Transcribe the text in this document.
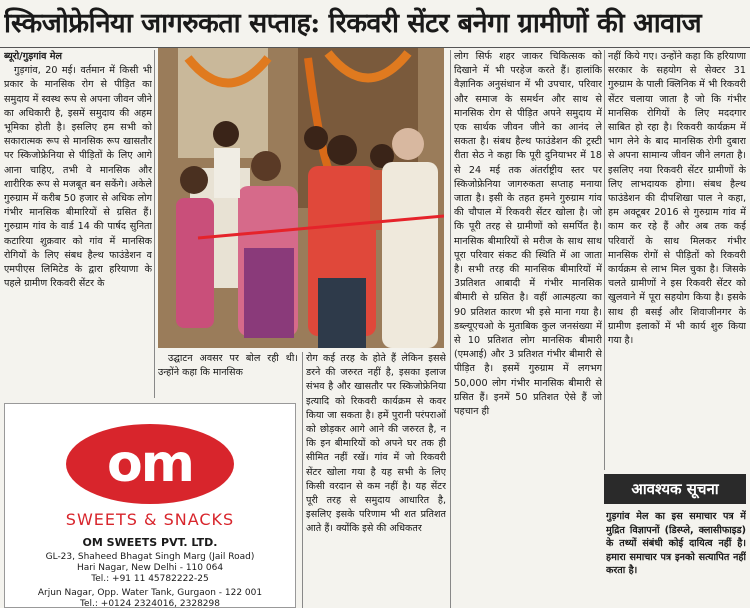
स्किजोफ्रेनिया जागरुकता सप्ताह: रिकवरी सेंटर बनेगा ग्रामीणों की आवाज
ब्यूरो/गुड़गांव मेल

गुड़गांव, 20 मई। वर्तमान में किसी भी प्रकार के मानसिक रोग से पीड़ित का समुदाय में स्वस्थ रूप से अपना जीवन जीने का अधिकारी है, इसमें समुदाय की अहम भूमिका होती है। इसलिए हम सभी को सकारात्मक रूप से मानसिक रूप खासतौर पर स्किजोफ्रेनिया से पीड़ितों के लिए आगे आना चाहिए, तभी वे मानसिक और शारीरिक रूप से मजबूत बन सकेंगे। अकेले गुरुग्राम में करीब 50 हजार से अधिक लोग गंभीर मानसिक बीमारियों से ग्रसित हैं। गुरुग्राम गांव के वार्ड 14 की पार्षद सुनिता कटारिया शुक्रवार को गांव में मानसिक रोगियों के लिए संबध हैल्थ फाउंडेशन व एमपीएस लिमिटेड के द्वारा हरियाणा के पहले ग्रामीण रिकवरी सेंटर के

उद्घाटन अवसर पर बोल रही थी। उन्होंने कहा कि मानसिक

रोग कई तरह के होते हैं लेकिन इससे डरने की जरुरत नहीं है, इसका इलाज संभव है और खासतौर पर स्किजोफ्रेनिया इत्यादि को रिकवरी कार्यक्रम से कवर किया जा सकता है। हमें पुरानी परंपराओं को छोड़कर आगे आने की जरुरत है, न कि इन बीमारियों को अपने घर तक ही सीमित नहीं रखें। गांव में जो रिकवरी सेंटर खोला गया है यह सभी के लिए किसी वरदान से कम नहीं है। यह सेंटर पूरी तरह से समुदाय आधारित है, इसलिए इसके परिणाम भी शत प्रतिशत आते हैं। क्योंकि इसे की अधिकतर

लोग सिर्फ शहर जाकर चिकित्सक को दिखाने में भी परहेज करते हैं। हालांकि वैज्ञानिक अनुसंधान में भी उपचार, परिवार और समाज के समर्थन और साथ से मानसिक रोग से पीड़ित अपने समुदाय में एक सार्थक जीवन जीने का आनंद ले सकता है। संबध हैल्थ फाउंडेशन की ट्रस्टी रीता सेठ ने कहा कि पूरी दुनियाभर में 18 से 24 मई तक अंतर्राष्ट्रीय स्तर पर स्किजोफ्रेनिया जागरुकता सप्ताह मनाया जाता है। इसी के तहत हमने गुरुग्राम गांव की चौपाल में रिकवरी सेंटर खोला है। जो कि पूरी तरह से ग्रामीणों को समर्पित है। मानसिक बीमारियों से मरीज के साथ साथ पूरा परिवार संकट की स्थिति में आ जाता है। सभी तरह की मानसिक बीमारियों में 3प्रतिशत आबादी में गंभीर मानसिक बीमारी से ग्रसित है। वहीं आत्महत्या का 90 प्रतिशत कारण भी इसे माना गया है। डब्ल्यूएचओ के मुताबिक कुल जनसंख्या में से 10 प्रतिशत लोग मानसिक बीमारी (एमआई) और 3 प्रतिशत गंभीर बीमारी से पीड़ित है। इसमें गुरुग्राम में लगभग 50,000 लोग गंभीर मानसिक बीमारी से ग्रसित हैं। इनमें 50 प्रतिशत ऐसे हैं जो पहचान ही

नहीं किये गए। उन्होंने कहा कि हरियाणा सरकार के सहयोग से सेक्टर 31 गुरुग्राम के पाली क्लिनिक में भी रिकवरी सेंटर चलाया जाता है जो कि गंभीर मानसिक रोगियों के लिए मददगार साबित हो रहा है। रिकवरी कार्यक्रम में भाग लेने के बाद मानसिक रोगी दुबारा से अपना सामान्य जीवन जीने लगता है। इसलिए नया रिकवरी सेंटर ग्रामीणों के लिए लाभदायक होगा। संबध हैल्थ फाउंडेशन की दीपशिखा पाल ने कहा, हम अक्टूबर 2016 से गुरुग्राम गांव में काम कर रहे हैं और अब तक कई परिवारों के साथ मिलकर गंभीर मानसिक रोगों से पीड़ितों को रिकवरी कार्यक्रम से लाभ मिल चुका है। जिसके चलते ग्रामीणों ने इस रिकवरी सेंटर को खुलवाने में पूरा सहयोग किया है। इसके साथ ही बसई और शिवाजीनगर के ग्रामीण इलाकों में भी कार्य शुरु किया गया है।

om
SWEETS & SNACKS
OM SWEETS PVT. LTD.
GL-23, Shaheed Bhagat Singh Marg (Jail Road)
Hari Nagar, New Delhi - 110 064
Tel.: +91 11 45782222-25
Arjun Nagar, Opp. Water Tank, Gurgaon - 122 001
Tel.: +0124 2324016, 2328298
आवश्यक सूचना
गुड़गांव मेल का इस समाचार पत्र में मुद्रित विज्ञापनों (डिस्प्ले, क्लासीफाइड) के तथ्यों संबंधी कोई दायित्व नहीं है। हमारा समाचार पत्र इनको सत्यापित नहीं करता है।
